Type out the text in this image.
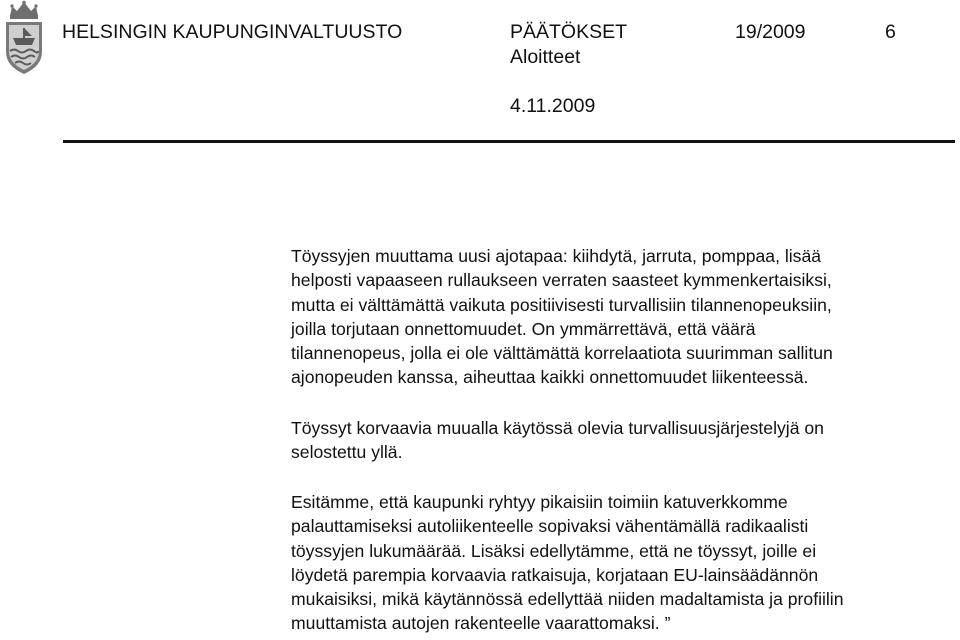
HELSINGIN KAUPUNGINVALTUUSTO	PÄÄTÖKSET
Aloitteet
19/2009	6
4.11.2009

Töyssyjen muuttama uusi ajotapaa: kiihdytä, jarruta, pomppaa, lisää
helposti vapaaseen rullaukseen verraten saasteet kymmenkertaisiksi,
mutta ei välttämättä vaikuta positiivisesti turvallisiin tilannenopeuksiin,
joilla torjutaan onnettomuudet. On ymmärrettävä, että väärä
tilannenopeus, jolla ei ole välttämättä korrelaatiota suurimman sallitun
ajonopeuden kanssa, aiheuttaa kaikki onnettomuudet liikenteessä.

Töyssyt korvaavia muualla käytössä olevia turvallisuusjärjestelyjä on
selostettu yllä.

Esitämme, että kaupunki ryhtyy pikaisiin toimiin katuverkkomme
palauttamiseksi autoliikenteelle sopivaksi vähentämällä radikaalisti
töyssyjen lukumäärää. Lisäksi edellytämme, että ne töyssyt, joille ei
löydetä parempia korvaavia ratkaisuja, korjataan EU-lainsäädännön
mukaisiksi, mikä käytännössä edellyttää niiden madaltamista ja profiilin
muuttamista autojen rakenteelle vaarattomaksi. ”
